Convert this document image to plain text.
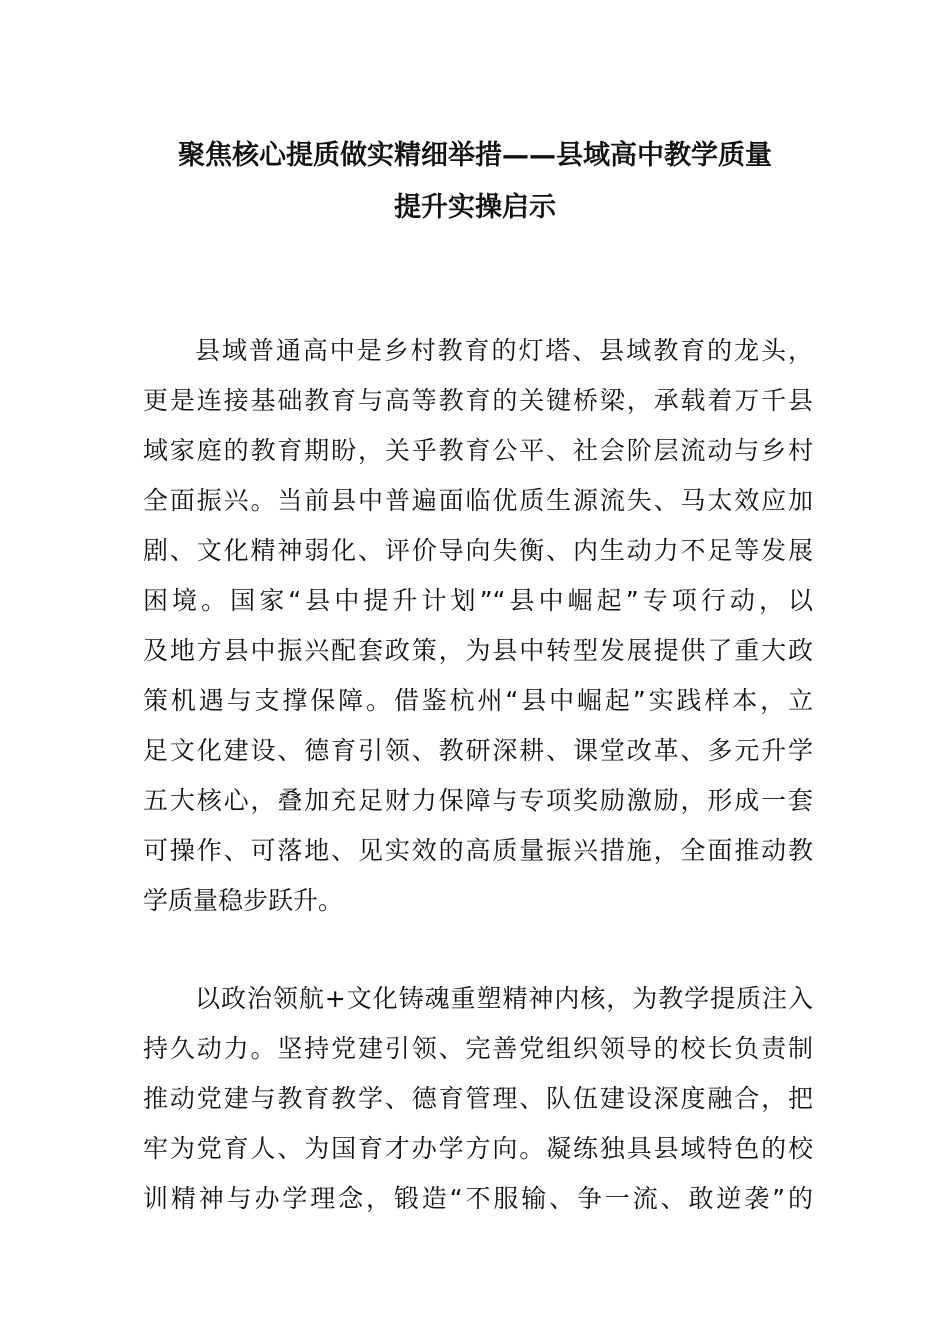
聚焦核心提质做实精细举措——县域高中教学质量
提升实操启示
县域普通高中是乡村教育的灯塔、县域教育的龙头，
更是连接基础教育与高等教育的关键桥梁，承载着万千县
域家庭的教育期盼，关乎教育公平、社会阶层流动与乡村
全面振兴。当前县中普遍面临优质生源流失、马太效应加
剧、文化精神弱化、评价导向失衡、内生动力不足等发展
困境。国家“县中提升计划”“县中崛起”专项行动，以
及地方县中振兴配套政策，为县中转型发展提供了重大政
策机遇与支撑保障。借鉴杭州“县中崛起”实践样本，立
足文化建设、德育引领、教研深耕、课堂改革、多元升学
五大核心，叠加充足财力保障与专项奖励激励，形成一套
可操作、可落地、见实效的高质量振兴措施，全面推动教
学质量稳步跃升。
以政治领航+文化铸魂重塑精神内核，为教学提质注入
持久动力。坚持党建引领、完善党组织领导的校长负责制
推动党建与教育教学、德育管理、队伍建设深度融合，把
牢为党育人、为国育才办学方向。凝练独具县域特色的校
训精神与办学理念，锻造“不服输、争一流、敢逆袭”的
